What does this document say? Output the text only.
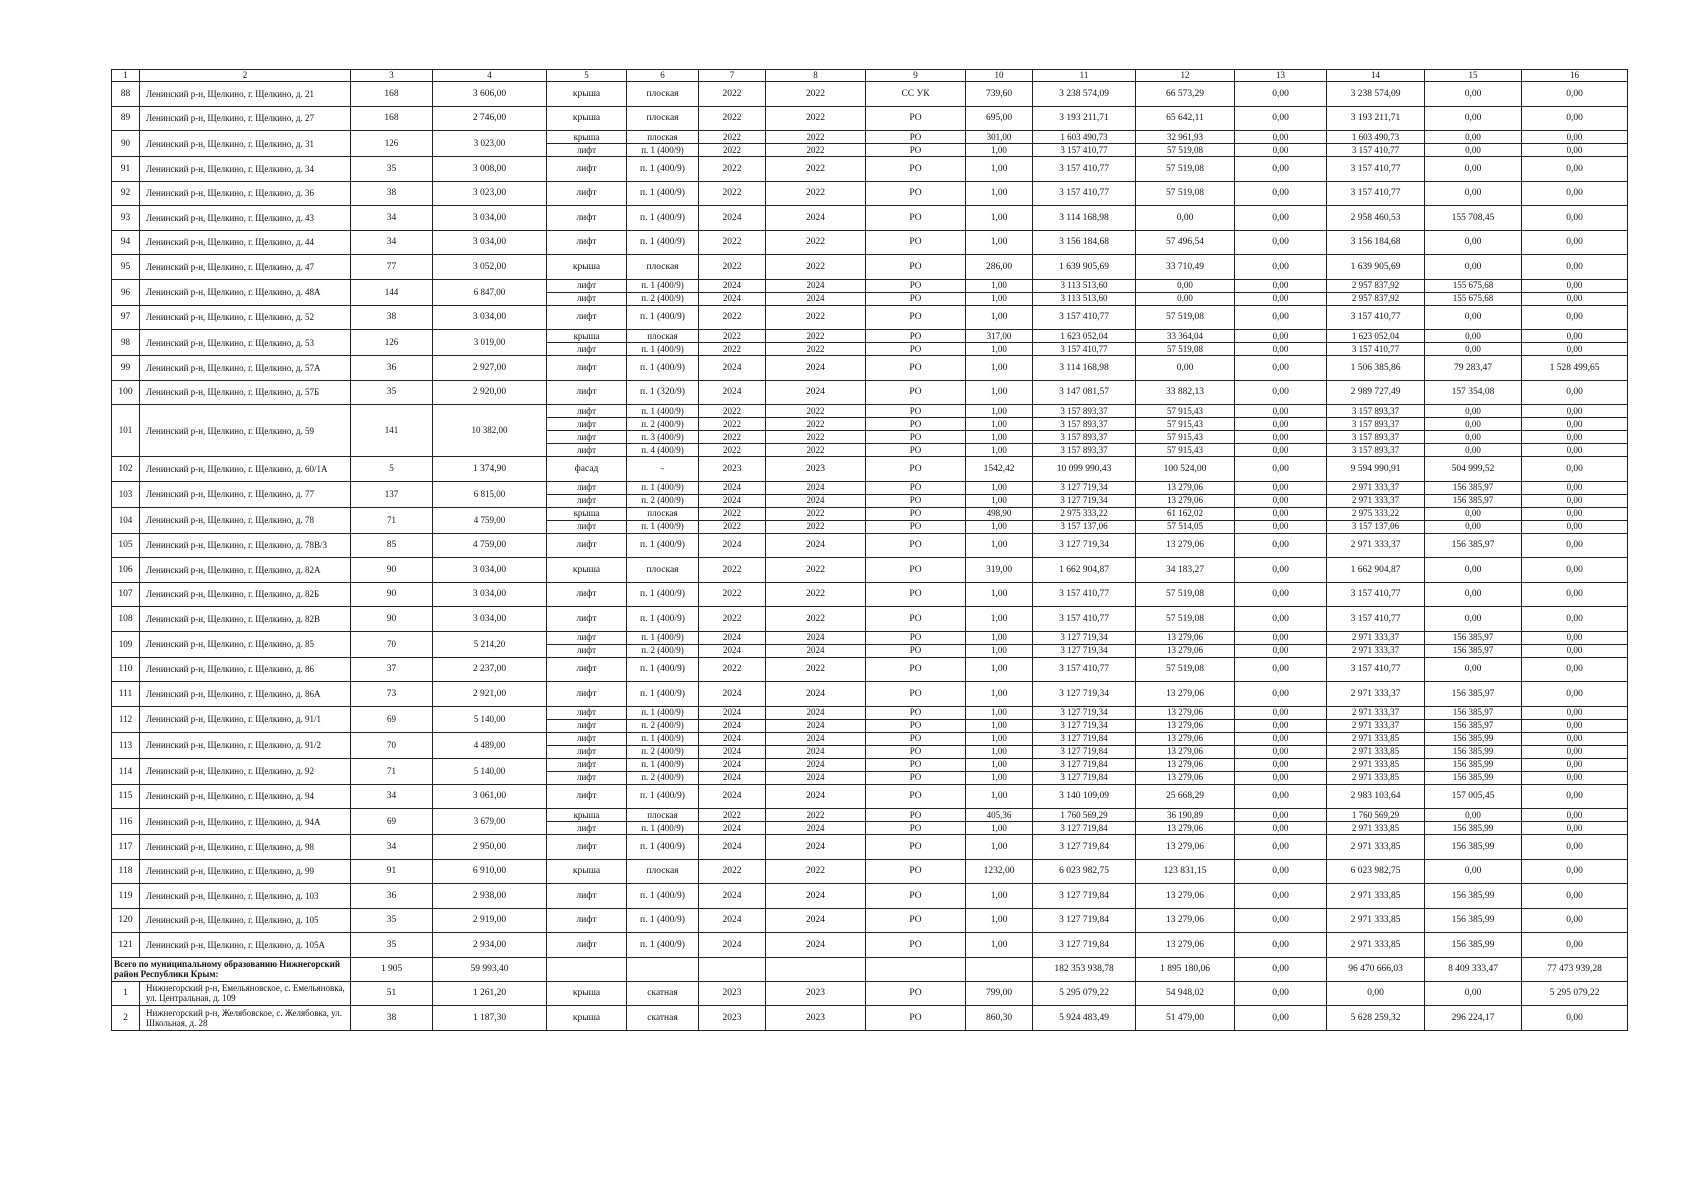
1	2	3	4	5	6	7	8	9	10	11	12	13	14	15	16
88	Ленинский р-н, Щелкино, г. Щелкино, д. 21	168	3 606,00	крыша	плоская	2022	2022	СС УК	739,60	3 238 574,09	66 573,29	0,00	3 238 574,09	0,00	0,00
89	Ленинский р-н, Щелкино, г. Щелкино, д. 27	168	2 746,00	крыша	плоская	2022	2022	РО	695,00	3 193 211,71	65 642,11	0,00	3 193 211,71	0,00	0,00
90	Ленинский р-н, Щелкино, г. Щелкино, д. 31	126	3 023,00	крыша	плоская	2022	2022	РО	301,00	1 603 490,73	32 961,93	0,00	1 603 490,73	0,00	0,00
				лифт	п. 1 (400/9)	2022	2022	РО	1,00	3 157 410,77	57 519,08	0,00	3 157 410,77	0,00	0,00
91	Ленинский р-н, Щелкино, г. Щелкино, д. 34	35	3 008,00	лифт	п. 1 (400/9)	2022	2022	РО	1,00	3 157 410,77	57 519,08	0,00	3 157 410,77	0,00	0,00
92	Ленинский р-н, Щелкино, г. Щелкино, д. 36	38	3 023,00	лифт	п. 1 (400/9)	2022	2022	РО	1,00	3 157 410,77	57 519,08	0,00	3 157 410,77	0,00	0,00
93	Ленинский р-н, Щелкино, г. Щелкино, д. 43	34	3 034,00	лифт	п. 1 (400/9)	2024	2024	РО	1,00	3 114 168,98	0,00	0,00	2 958 460,53	155 708,45	0,00
94	Ленинский р-н, Щелкино, г. Щелкино, д. 44	34	3 034,00	лифт	п. 1 (400/9)	2022	2022	РО	1,00	3 156 184,68	57 496,54	0,00	3 156 184,68	0,00	0,00
95	Ленинский р-н, Щелкино, г. Щелкино, д. 47	77	3 052,00	крыша	плоская	2022	2022	РО	286,00	1 639 905,69	33 710,49	0,00	1 639 905,69	0,00	0,00
96	Ленинский р-н, Щелкино, г. Щелкино, д. 48А	144	6 847,00	лифт	п. 1 (400/9)	2024	2024	РО	1,00	3 113 513,60	0,00	0,00	2 957 837,92	155 675,68	0,00
				лифт	п. 2 (400/9)	2024	2024	РО	1,00	3 113 513,60	0,00	0,00	2 957 837,92	155 675,68	0,00
97	Ленинский р-н, Щелкино, г. Щелкино, д. 52	38	3 034,00	лифт	п. 1 (400/9)	2022	2022	РО	1,00	3 157 410,77	57 519,08	0,00	3 157 410,77	0,00	0,00
98	Ленинский р-н, Щелкино, г. Щелкино, д. 53	126	3 019,00	крыша	плоская	2022	2022	РО	317,00	1 623 052,04	33 364,04	0,00	1 623 052,04	0,00	0,00
				лифт	п. 1 (400/9)	2022	2022	РО	1,00	3 157 410,77	57 519,08	0,00	3 157 410,77	0,00	0,00
99	Ленинский р-н, Щелкино, г. Щелкино, д. 57А	36	2 927,00	лифт	п. 1 (400/9)	2024	2024	РО	1,00	3 114 168,98	0,00	0,00	1 506 385,86	79 283,47	1 528 499,65
100	Ленинский р-н, Щелкино, г. Щелкино, д. 57Б	35	2 920,00	лифт	п. 1 (320/9)	2024	2024	РО	1,00	3 147 081,57	33 882,13	0,00	2 989 727,49	157 354,08	0,00
101	Ленинский р-н, Щелкино, г. Щелкино, д. 59	141	10 382,00	лифт	п. 1 (400/9)	2022	2022	РО	1,00	3 157 893,37	57 915,43	0,00	3 157 893,37	0,00	0,00
				лифт	п. 2 (400/9)	2022	2022	РО	1,00	3 157 893,37	57 915,43	0,00	3 157 893,37	0,00	0,00
				лифт	п. 3 (400/9)	2022	2022	РО	1,00	3 157 893,37	57 915,43	0,00	3 157 893,37	0,00	0,00
				лифт	п. 4 (400/9)	2022	2022	РО	1,00	3 157 893,37	57 915,43	0,00	3 157 893,37	0,00	0,00
102	Ленинский р-н, Щелкино, г. Щелкино, д. 60/1А	5	1 374,90	фасад	-	2023	2023	РО	1542,42	10 099 990,43	100 524,00	0,00	9 594 990,91	504 999,52	0,00
103	Ленинский р-н, Щелкино, г. Щелкино, д. 77	137	6 815,00	лифт	п. 1 (400/9)	2024	2024	РО	1,00	3 127 719,34	13 279,06	0,00	2 971 333,37	156 385,97	0,00
				лифт	п. 2 (400/9)	2024	2024	РО	1,00	3 127 719,34	13 279,06	0,00	2 971 333,37	156 385,97	0,00
104	Ленинский р-н, Щелкино, г. Щелкино, д. 78	71	4 759,00	крыша	плоская	2022	2022	РО	498,90	2 975 333,22	61 162,02	0,00	2 975 333,22	0,00	0,00
				лифт	п. 1 (400/9)	2022	2022	РО	1,00	3 157 137,06	57 514,05	0,00	3 157 137,06	0,00	0,00
105	Ленинский р-н, Щелкино, г. Щелкино, д. 78В/3	85	4 759,00	лифт	п. 1 (400/9)	2024	2024	РО	1,00	3 127 719,34	13 279,06	0,00	2 971 333,37	156 385,97	0,00
106	Ленинский р-н, Щелкино, г. Щелкино, д. 82А	90	3 034,00	крыша	плоская	2022	2022	РО	319,00	1 662 904,87	34 183,27	0,00	1 662 904,87	0,00	0,00
107	Ленинский р-н, Щелкино, г. Щелкино, д. 82Б	90	3 034,00	лифт	п. 1 (400/9)	2022	2022	РО	1,00	3 157 410,77	57 519,08	0,00	3 157 410,77	0,00	0,00
108	Ленинский р-н, Щелкино, г. Щелкино, д. 82В	90	3 034,00	лифт	п. 1 (400/9)	2022	2022	РО	1,00	3 157 410,77	57 519,08	0,00	3 157 410,77	0,00	0,00
109	Ленинский р-н, Щелкино, г. Щелкино, д. 85	70	5 214,20	лифт	п. 1 (400/9)	2024	2024	РО	1,00	3 127 719,34	13 279,06	0,00	2 971 333,37	156 385,97	0,00
				лифт	п. 2 (400/9)	2024	2024	РО	1,00	3 127 719,34	13 279,06	0,00	2 971 333,37	156 385,97	0,00
110	Ленинский р-н, Щелкино, г. Щелкино, д. 86	37	2 237,00	лифт	п. 1 (400/9)	2022	2022	РО	1,00	3 157 410,77	57 519,08	0,00	3 157 410,77	0,00	0,00
111	Ленинский р-н, Щелкино, г. Щелкино, д. 86А	73	2 921,00	лифт	п. 1 (400/9)	2024	2024	РО	1,00	3 127 719,34	13 279,06	0,00	2 971 333,37	156 385,97	0,00
112	Ленинский р-н, Щелкино, г. Щелкино, д. 91/1	69	5 140,00	лифт	п. 1 (400/9)	2024	2024	РО	1,00	3 127 719,34	13 279,06	0,00	2 971 333,37	156 385,97	0,00
				лифт	п. 2 (400/9)	2024	2024	РО	1,00	3 127 719,34	13 279,06	0,00	2 971 333,37	156 385,97	0,00
113	Ленинский р-н, Щелкино, г. Щелкино, д. 91/2	70	4 489,00	лифт	п. 1 (400/9)	2024	2024	РО	1,00	3 127 719,84	13 279,06	0,00	2 971 333,85	156 385,99	0,00
				лифт	п. 2 (400/9)	2024	2024	РО	1,00	3 127 719,84	13 279,06	0,00	2 971 333,85	156 385,99	0,00
114	Ленинский р-н, Щелкино, г. Щелкино, д. 92	71	5 140,00	лифт	п. 1 (400/9)	2024	2024	РО	1,00	3 127 719,84	13 279,06	0,00	2 971 333,85	156 385,99	0,00
				лифт	п. 2 (400/9)	2024	2024	РО	1,00	3 127 719,84	13 279,06	0,00	2 971 333,85	156 385,99	0,00
115	Ленинский р-н, Щелкино, г. Щелкино, д. 94	34	3 061,00	лифт	п. 1 (400/9)	2024	2024	РО	1,00	3 140 109,09	25 668,29	0,00	2 983 103,64	157 005,45	0,00
116	Ленинский р-н, Щелкино, г. Щелкино, д. 94А	69	3 679,00	крыша	плоская	2022	2022	РО	405,36	1 760 569,29	36 190,89	0,00	1 760 569,29	0,00	0,00
				лифт	п. 1 (400/9)	2024	2024	РО	1,00	3 127 719,84	13 279,06	0,00	2 971 333,85	156 385,99	0,00
117	Ленинский р-н, Щелкино, г. Щелкино, д. 98	34	2 950,00	лифт	п. 1 (400/9)	2024	2024	РО	1,00	3 127 719,84	13 279,06	0,00	2 971 333,85	156 385,99	0,00
118	Ленинский р-н, Щелкино, г. Щелкино, д. 99	91	6 910,00	крыша	плоская	2022	2022	РО	1232,00	6 023 982,75	123 831,15	0,00	6 023 982,75	0,00	0,00
119	Ленинский р-н, Щелкино, г. Щелкино, д. 103	36	2 938,00	лифт	п. 1 (400/9)	2024	2024	РО	1,00	3 127 719,84	13 279,06	0,00	2 971 333,85	156 385,99	0,00
120	Ленинский р-н, Щелкино, г. Щелкино, д. 105	35	2 919,00	лифт	п. 1 (400/9)	2024	2024	РО	1,00	3 127 719,84	13 279,06	0,00	2 971 333,85	156 385,99	0,00
121	Ленинский р-н, Щелкино, г. Щелкино, д. 105А	35	2 934,00	лифт	п. 1 (400/9)	2024	2024	РО	1,00	3 127 719,84	13 279,06	0,00	2 971 333,85	156 385,99	0,00
Всего по муниципальному образованию Нижнегорский район Республики Крым:		1 905	59 993,40							182 353 938,78	1 895 180,06	0,00	96 470 666,03	8 409 333,47	77 473 939,28
1	Нижнегорский р-н, Емельяновское, с. Емельяновка, ул. Центральная, д. 109	51	1 261,20	крыша	скатная	2023	2023	РО	799,00	5 295 079,22	54 948,02	0,00	0,00	0,00	5 295 079,22
2	Нижнегорский р-н, Желябовское, с. Желябовка, ул. Школьная, д. 28	38	1 187,30	крыша	скатная	2023	2023	РО	860,30	5 924 483,49	51 479,00	0,00	5 628 259,32	296 224,17	0,00
